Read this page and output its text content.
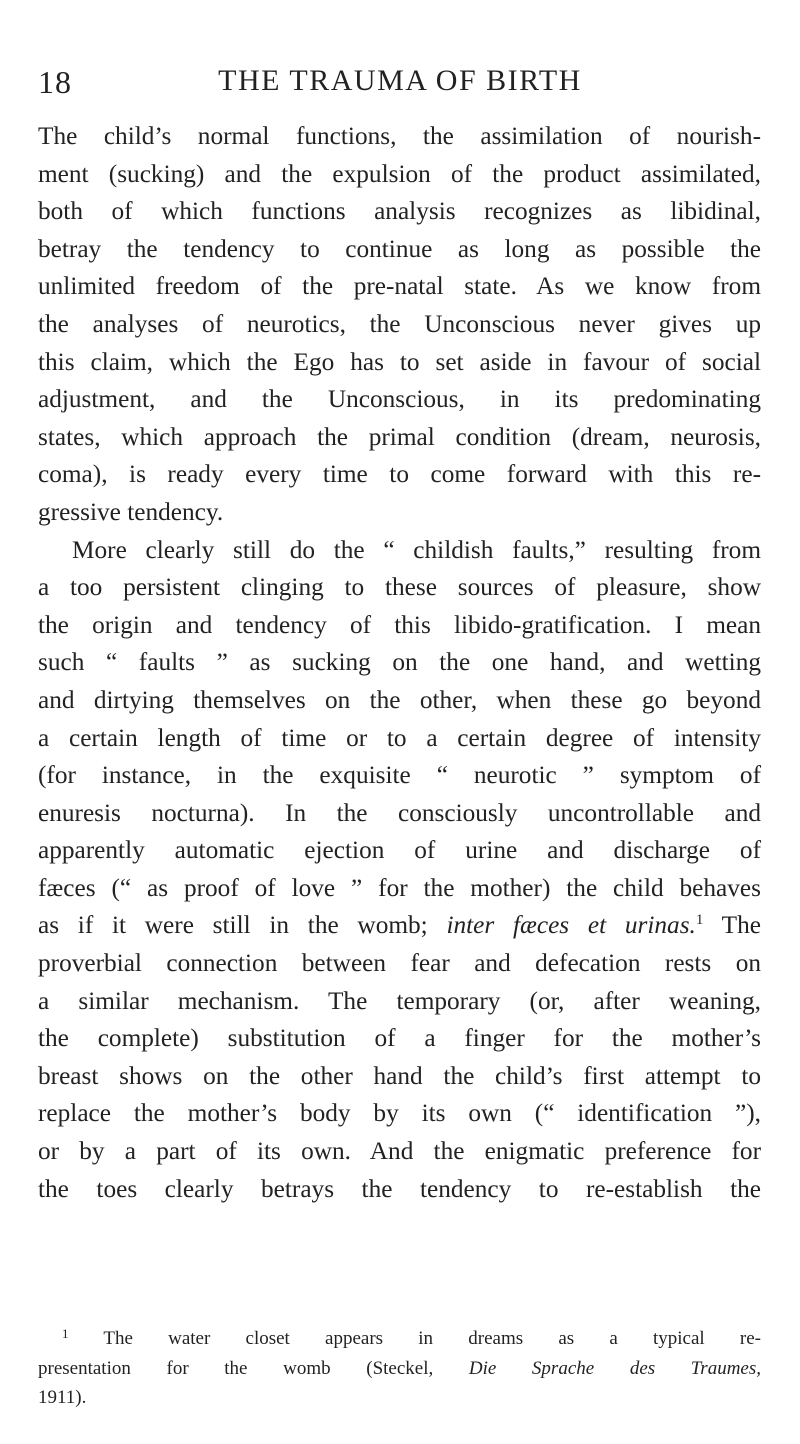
18	THE TRAUMA OF BIRTH
The child’s normal functions, the assimilation of nourish-
ment (sucking) and the expulsion of the product assimilated,
both of which functions analysis recognizes as libidinal,
betray the tendency to continue as long as possible the
unlimited freedom of the pre-natal state. As we know from
the analyses of neurotics, the Unconscious never gives up
this claim, which the Ego has to set aside in favour of social
adjustment, and the Unconscious, in its predominating
states, which approach the primal condition (dream, neurosis,
coma), is ready every time to come forward with this re-
gressive tendency.
More clearly still do the “ childish faults,” resulting from
a too persistent clinging to these sources of pleasure, show
the origin and tendency of this libido-gratification. I mean
such “ faults ” as sucking on the one hand, and wetting
and dirtying themselves on the other, when these go beyond
a certain length of time or to a certain degree of intensity
(for instance, in the exquisite “ neurotic ” symptom of
enuresis nocturna). In the consciously uncontrollable and
apparently automatic ejection of urine and discharge of
fæces (“ as proof of love ” for the mother) the child behaves
as if it were still in the womb; inter fæces et urinas.$^1$ The
proverbial connection between fear and defecation rests on
a similar mechanism. The temporary (or, after weaning,
the complete) substitution of a finger for the mother’s
breast shows on the other hand the child’s first attempt to
replace the mother’s body by its own (“ identification ”),
or by a part of its own. And the enigmatic preference for
the toes clearly betrays the tendency to re-establish the
$^1$ The water closet appears in dreams as a typical re-
presentation for the womb (Steckel, Die Sprache des Traumes,
1911).
